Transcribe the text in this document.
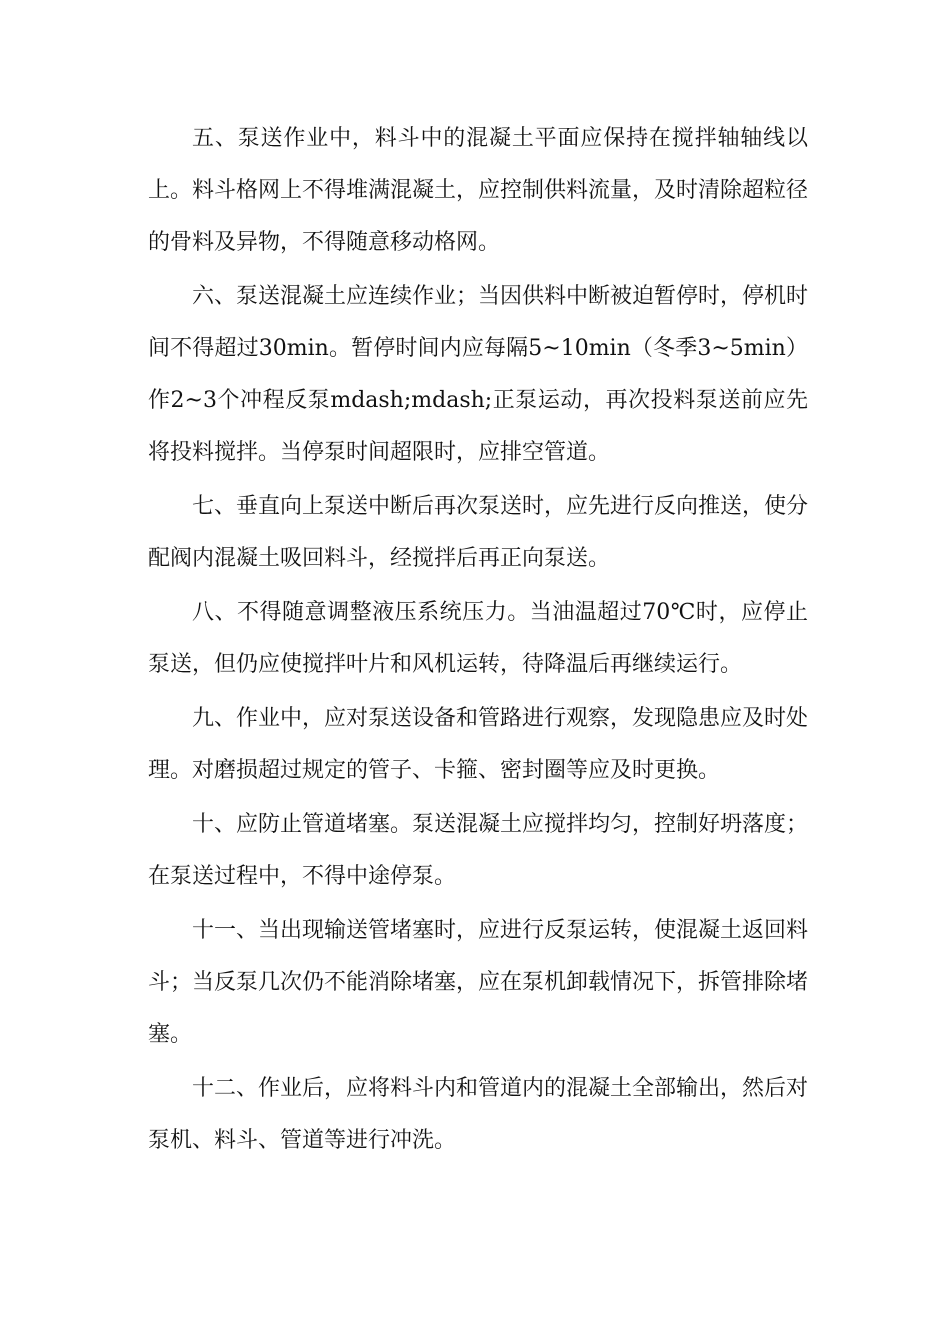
五、泵送作业中，料斗中的混凝土平面应保持在搅拌轴轴线以上。料斗格网上不得堆满混凝土，应控制供料流量，及时清除超粒径的骨料及异物，不得随意移动格网。

六、泵送混凝土应连续作业；当因供料中断被迫暂停时，停机时间不得超过30min。暂停时间内应每隔5~10min（冬季3~5min）作2~3个冲程反泵mdash;mdash;正泵运动，再次投料泵送前应先将投料搅拌。当停泵时间超限时，应排空管道。

七、垂直向上泵送中断后再次泵送时，应先进行反向推送，使分配阀内混凝土吸回料斗，经搅拌后再正向泵送。

八、不得随意调整液压系统压力。当油温超过70℃时，应停止泵送，但仍应使搅拌叶片和风机运转，待降温后再继续运行。

九、作业中，应对泵送设备和管路进行观察，发现隐患应及时处理。对磨损超过规定的管子、卡箍、密封圈等应及时更换。

十、应防止管道堵塞。泵送混凝土应搅拌均匀，控制好坍落度；在泵送过程中，不得中途停泵。

十一、当出现输送管堵塞时，应进行反泵运转，使混凝土返回料斗；当反泵几次仍不能消除堵塞，应在泵机卸载情况下，拆管排除堵塞。

十二、作业后，应将料斗内和管道内的混凝土全部输出，然后对泵机、料斗、管道等进行冲洗。
